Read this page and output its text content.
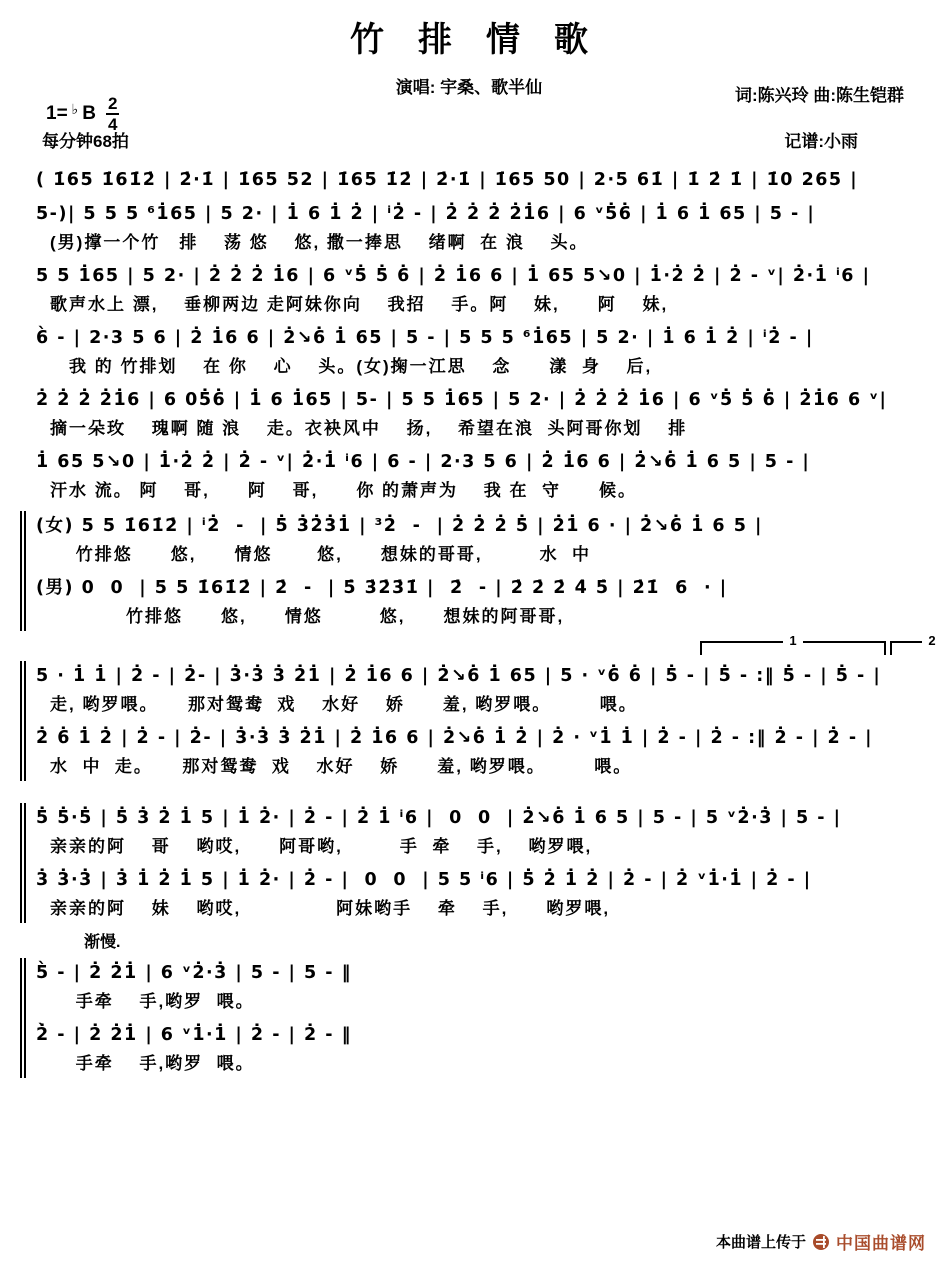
竹排情歌
演唱: 宇桑、歌半仙	词:陈兴玲 曲:陈生铠群
1= ♭ B $\frac{2}{4}$
每分钟68拍	记谱:小雨
( 1̇65 1̇61̇2̇ | 2̇·1̇ | 1̇65 52 | 1̇65 1̇2̇ | 2̇·1̇ | 1̇65 50 | 2·5 61̇ | 1̇ 2̇ 1̇ | 1̇0 265 |
5-)| 5 5 5 ⁶1̇65 | 5 2· | 1̇ 6 1̇ 2̇ | ⁱ2̇ - | 2̇ 2̇ 2̇ 2̇1̇6 | 6 ᵛ5̇6̇ | 1̇ 6 1̇ 65 | 5 - |
(男)撑一个竹　排　 荡 悠　 悠, 撒一捧思　 绪啊  在 浪　 头。
5 5 1̇65 | 5 2· | 2̇ 2̇ 2̇ 1̇6 | 6 ᵛ5̇ 5̇ 6̇ | 2̇ 1̇6 6 | 1̇ 65 5↘0 | 1̇·2̇ 2̇ | 2̇ - ᵛ| 2̇·1̇ ⁱ6 |
歌声水上 漂,　 垂柳两边 走阿妹你向　 我招　 手。阿　 妹,　　阿　 妹,
6̀ - | 2·3 5 6 | 2̇ 1̇6 6 | 2̇↘6̇ 1̇ 65 | 5 - | 5 5 5 ⁶1̇65 | 5 2· | 1̇ 6 1̇ 2̇ | ⁱ2̇ - |
　我 的 竹排划　 在 你　 心　 头。(女)掬一江思　 念　　漾  身　 后,
2̇ 2̇ 2̇ 2̇1̇6 | 6 05̇6̇ | 1̇ 6 1̇65 | 5- | 5 5 1̇65 | 5 2· | 2̇ 2̇ 2̇ 1̇6 | 6 ᵛ5̇ 5̇ 6̇ | 2̇1̇6 6 ᵛ|
摘一朵玫　 瑰啊 随 浪　 走。衣袂风中　 扬,　 希望在浪  头阿哥你划　 排
1̇ 65 5↘0 | 1̇·2̇ 2̇ | 2̇ - ᵛ| 2̇·1̇ ⁱ6 | 6 - | 2·3 5 6 | 2̇ 1̇6 6 | 2̇↘6̇ 1̇ 6 5 | 5 - |
汗水 流。 阿　 哥,　　阿　 哥,　　你 的萧声为　 我 在  守　　候。
(女) 5 5 1̇61̇2̇ | ⁱ2̇  -  | 5̇ 3̇2̇3̇1̇ | ³2̇  -  | 2̇ 2̇ 2̇ 5̇ | 2̇1̇ 6 · | 2̇↘6̇ 1̇ 6 5 |
　 竹排悠　　悠,　　情悠　　 悠,　　想妹的哥哥,　　　水  中
(男) 0  0  | 5 5 1̇61̇2̇ | 2̇  -  | 5̇ 3̇2̇3̇1̇ |  2̇  - | 2̇ 2̇ 2̇ 4̇ 5̇ | 2̇1̇  6  · |
　　　　竹排悠　　悠,　　情悠　　　悠,　　想妹的阿哥哥,
1	2
5 · 1̇ 1̇ | 2̇ - | 2̇- | 3̇·3̇ 3̇ 2̇1̇ | 2̇ 1̇6 6 | 2̇↘6̇ 1̇ 65 | 5 · ᵛ6̇ 6̇ | 5̇ - | 5̇ - :‖ 5̇ - | 5̇ - |
走, 哟罗喂。　　那对鸳鸯  戏　 水好　 娇　　羞, 哟罗喂。　　　喂。
2̇ 6̇ 1̇ 2̇ | 2̇ - | 2̇- | 3̇·3̇ 3̇ 2̇1̇ | 2̇ 1̇6 6 | 2̇↘6̇ 1̇ 2̇ | 2̇ · ᵛ1̇ 1̇ | 2̇ - | 2̇ - :‖ 2̇ - | 2̇ - |
水  中  走。　　那对鸳鸯  戏　 水好　 娇　　羞, 哟罗喂。　　　喂。
5̇ 5̇·5̇ | 5̇ 3̇ 2̇ 1̇ 5 | 1̇ 2̇· | 2̇ - | 2̇ 1̇ ⁱ6 |  0  0  | 2̇↘6̇ 1̇ 6 5 | 5 - | 5 ᵛ2̇·3̇ | 5 - |
亲亲的阿　 哥　 哟哎,　　阿哥哟,　　　手  牵　 手,　 哟罗喂,
3̇ 3̇·3̇ | 3̇ 1̇ 2̇ 1̇ 5 | 1̇ 2̇· | 2̇ - |  0  0  | 5 5 ⁱ6 | 5̇ 2̇ 1̇ 2̇ | 2̇ - | 2̇ ᵛ1̇·1̇ | 2̇ - |
亲亲的阿　 妹　 哟哎,　　　　　阿妹哟手　 牵　 手,　　哟罗喂,
渐慢.
5̀ - | 2̇ 2̇1̇ | 6 ᵛ2̇·3̇ | 5 - | 5 - ‖
　 手牵　 手,哟罗  喂。
2̇̀ - | 2̇ 2̇1̇ | 6 ᵛ1̇·1̇ | 2̇ - | 2̇ - ‖
　 手牵　 手,哟罗  喂。
本曲谱上传于 中国曲谱网
